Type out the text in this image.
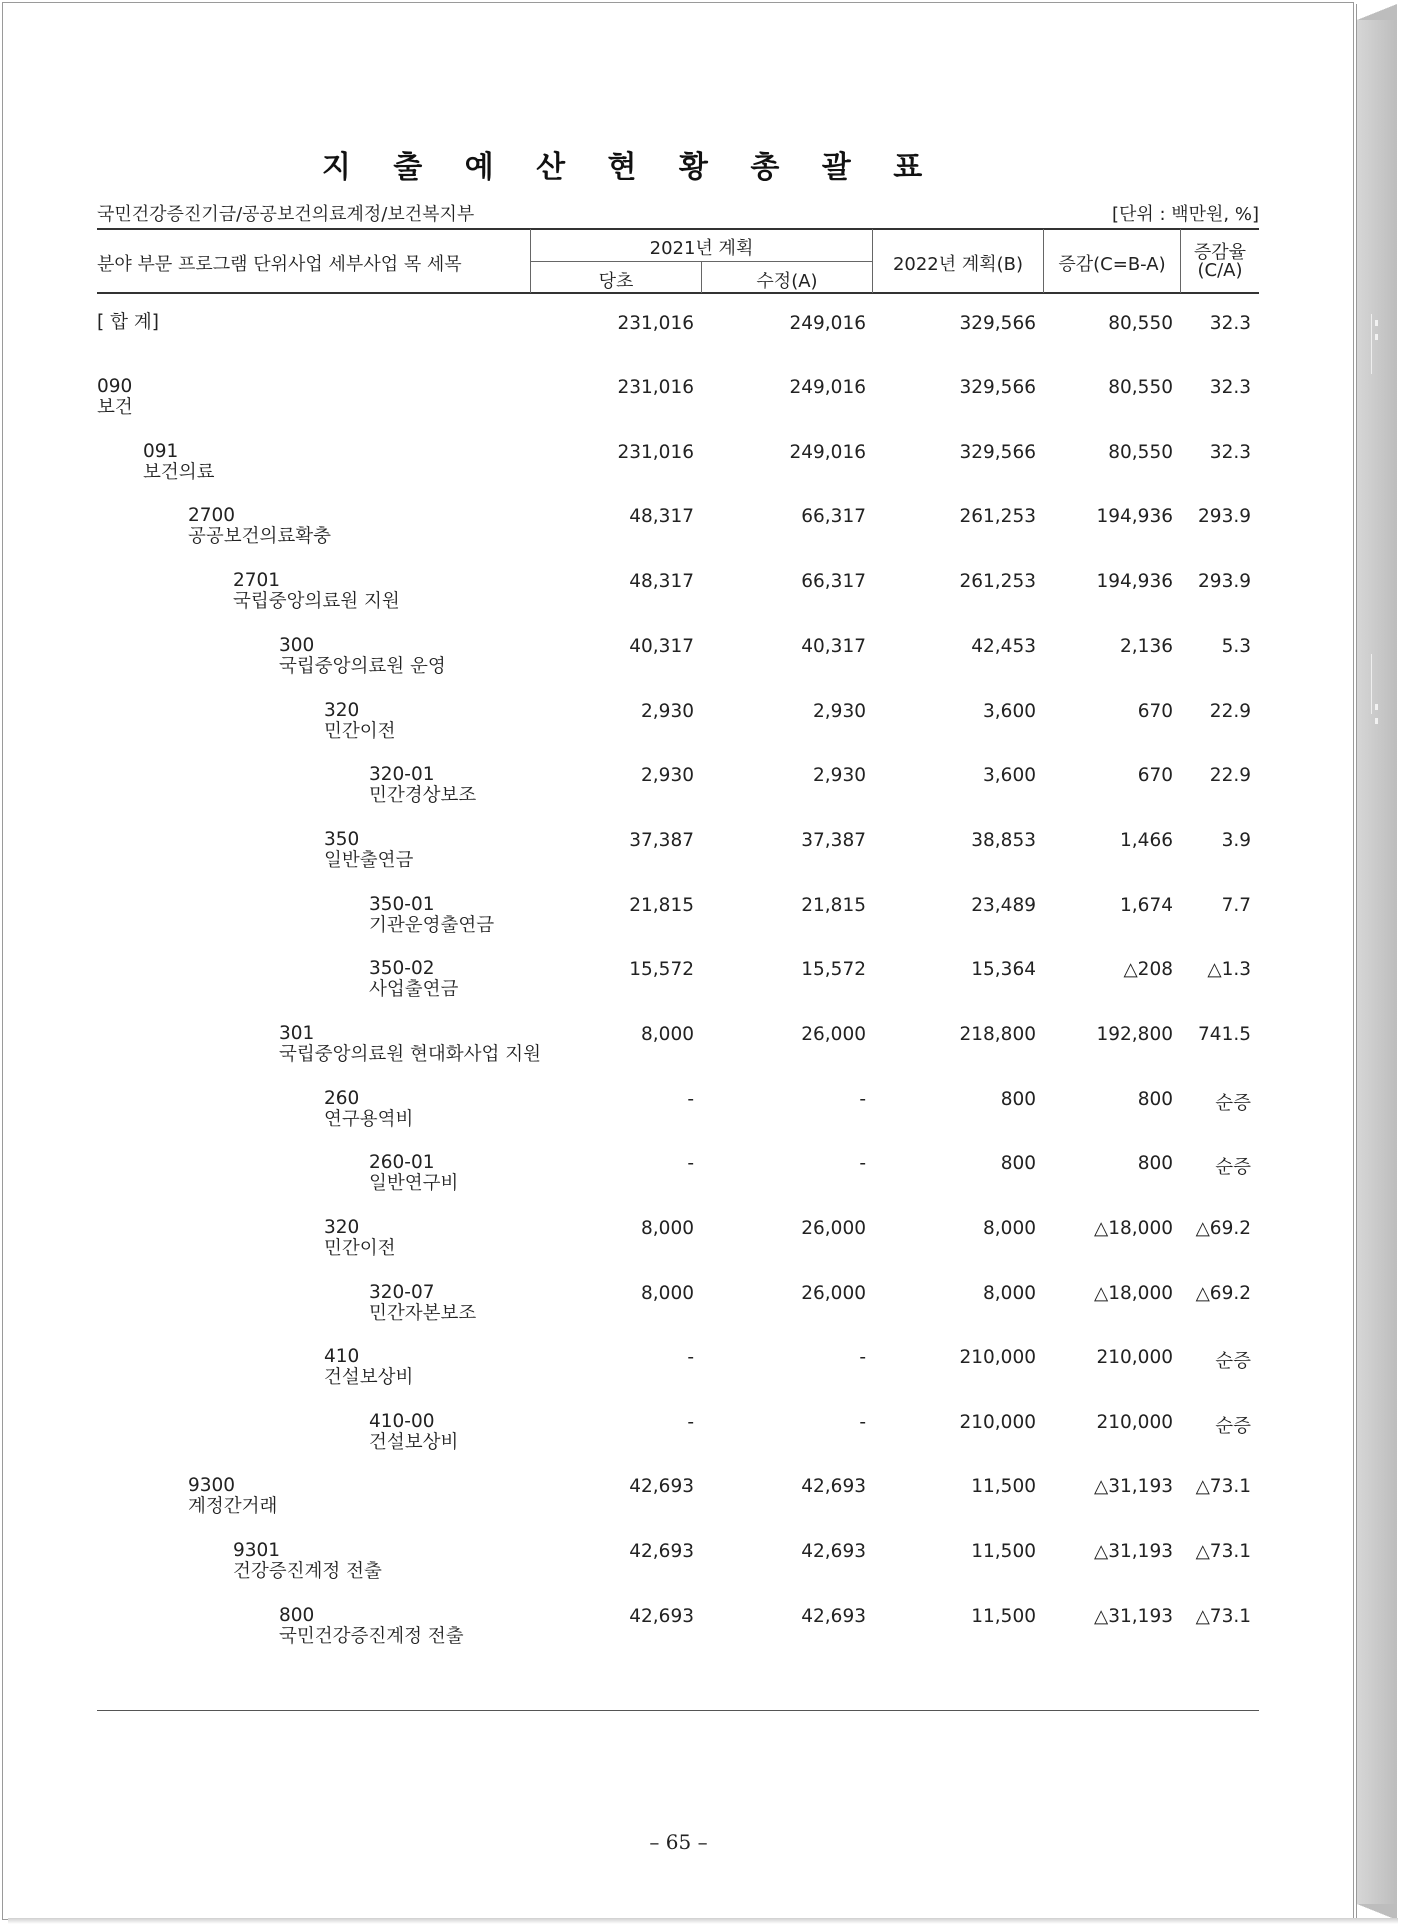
지 출 예 산 현 황 총 괄 표
국민건강증진기금/공공보건의료계정/보건복지부	[단위 : 백만원, %]
분야 부문 프로그램 단위사업 세부사업 목 세목
2021년 계획
당초	수정(A)
2022년 계획(B)	증감(C=B-A)
증감율
(C/A)
[ 합 계]	231,016	249,016	329,566	80,550 32.3
090
보건
231,016	249,016	329,566	80,550 32.3
091
보건의료
231,016	249,016	329,566	80,550 32.3
2700
공공보건의료확충
48,317	66,317	261,253	194,936 293.9
2701
국립중앙의료원 지원
48,317	66,317	261,253	194,936 293.9
300
국립중앙의료원 운영
40,317	40,317	42,453	2,136	5.3
320
민간이전
2,930	2,930	3,600	670 22.9
320-01
민간경상보조
2,930	2,930	3,600	670 22.9
350
일반출연금
37,387	37,387	38,853	1,466	3.9
350-01
기관운영출연금
21,815	21,815	23,489	1,674	7.7
350-02
사업출연금
15,572	15,572	15,364	△208 △1.3
301
국립중앙의료원 현대화사업 지원
8,000	26,000	218,800	192,800 741.5
260
연구용역비
-	-	800	800 순증
260-01
일반연구비
-	-	800	800 순증
320
민간이전
8,000	26,000	8,000	△18,000 △69.2
320-07
민간자본보조
8,000	26,000	8,000	△18,000 △69.2
410
건설보상비
-	-	210,000	210,000 순증
410-00
건설보상비
-	-	210,000	210,000 순증
9300
계정간거래
42,693	42,693	11,500	△31,193 △73.1
9301
건강증진계정 전출
42,693	42,693	11,500	△31,193 △73.1
800
국민건강증진계정 전출
42,693	42,693	11,500	△31,193 △73.1
– 65 –
